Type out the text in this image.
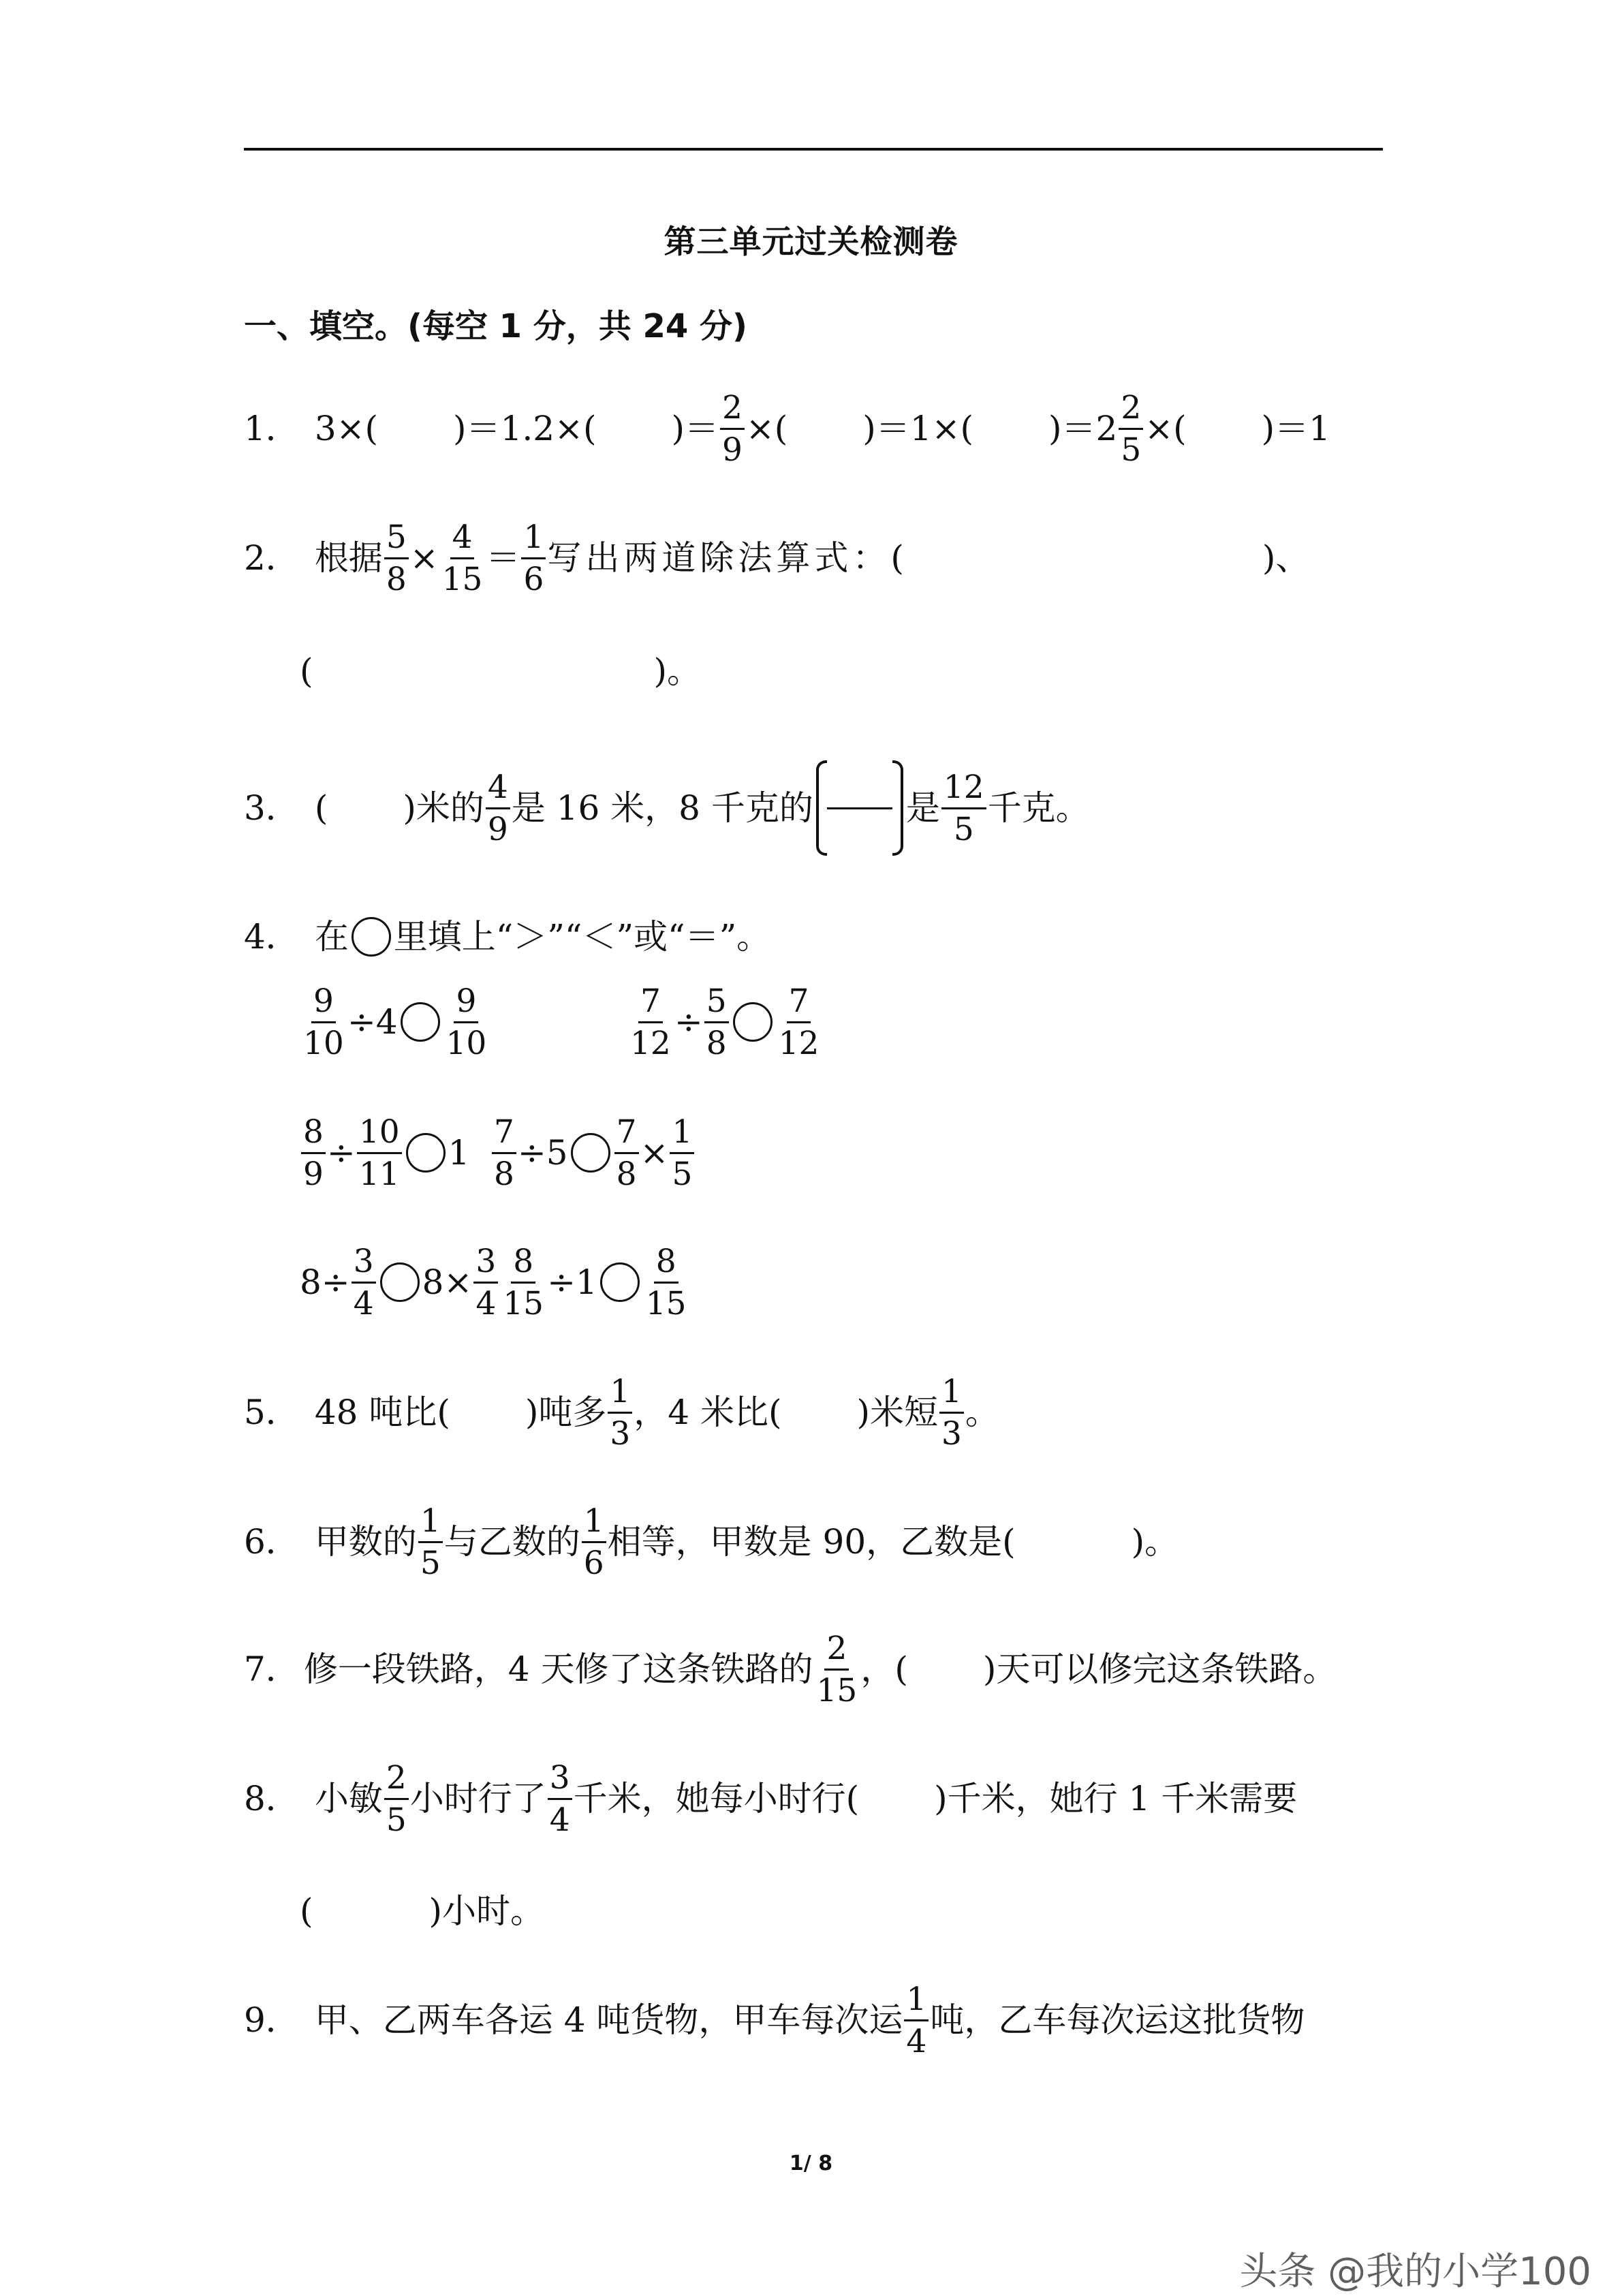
第三单元过关检测卷
一、填空。(每空 1 分，共 24 分)
1． 3×( )＝1.2×( )＝ $\frac{2}{9}$ ×( )＝1×( )$=2 \frac{2}{5}$ ×( )＝1
2． 根据 $\frac{5}{8} \times \frac{4}{15} = \frac{1}{6}$ 写出两道除法算式：(	)、
(	)。
3． ( )米的 $\frac{4}{9}$ 是 16 米，8 千克的	是 $\frac{12}{5}$ 千克。
4． 在 里填上“＞”“＜”或“＝”。
$\frac{9}{10} \div 4 \frac{9}{10}$	$\frac{7}{12} \div \frac{5}{8} \frac{7}{12}$
$\frac{8}{9} \div \frac{10}{11} 1 \frac{7}{8} \div 5 \frac{7}{8} \times \frac{1}{5}$
$8\div \frac{3}{4} 8\times \frac{3}{4} \frac{8}{15} \div 1 \frac{8}{15}$
5． 48 吨比( )吨多 $\frac{1}{3}$ ，4 米比( )米短 $\frac{1}{3}$ 。
6． 甲数的 $\frac{1}{5}$ 与乙数的 $\frac{1}{6}$ 相等，甲数是 90，乙数是(	)。
7． 修一段铁路，4 天修了这条铁路的 $\frac{2}{15}$ ，( )天可以修完这条铁路。
8． 小敏 $\frac{2}{5}$ 小时行了 $\frac{3}{4}$ 千米，她每小时行( )千米，她行 1 千米需要
(	)小时。
9． 甲、乙两车各运 4 吨货物，甲车每次运 $\frac{1}{4}$ 吨，乙车每次运这批货物
1/ 8
头条 @我的小学100
